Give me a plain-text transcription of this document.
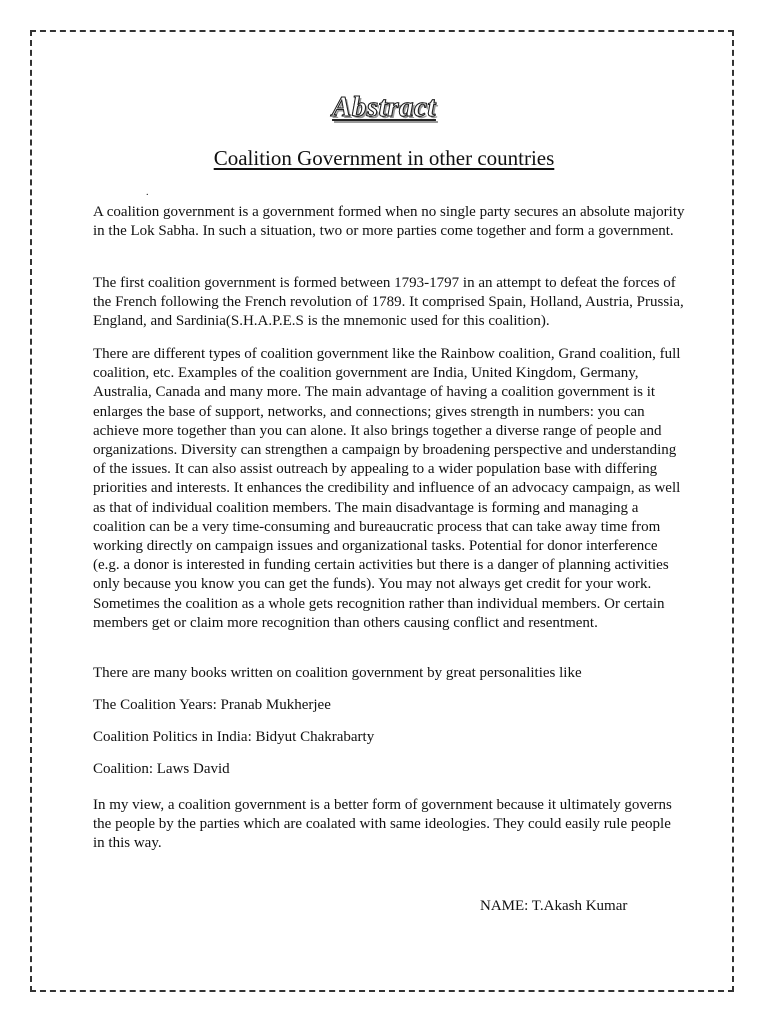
Abstract
Coalition Government in other countries
.

A coalition government is a government formed when no single party secures an absolute majority in the Lok Sabha. In such a situation, two or more parties come together and form a government.

The first coalition government is formed between 1793-1797 in an attempt to defeat the forces of the French following the French revolution of 1789. It comprised Spain, Holland, Austria, Prussia, England, and Sardinia(S.H.A.P.E.S is the mnemonic used for this coalition).

There are different types of coalition government like the Rainbow coalition, Grand coalition, full coalition, etc. Examples of the coalition government are India, United Kingdom, Germany, Australia, Canada and many more. The main advantage of having a coalition government is it enlarges the base of support, networks, and connections; gives strength in numbers: you can achieve more together than you can alone. It also brings together a diverse range of people and organizations. Diversity can strengthen a campaign by broadening perspective and understanding of the issues. It can also assist outreach by appealing to a wider population base with differing priorities and interests. It enhances the credibility and influence of an advocacy campaign, as well as that of individual coalition members. The main disadvantage is forming and managing a coalition can be a very time-consuming and bureaucratic process that can take away time from working directly on campaign issues and organizational tasks. Potential for donor interference (e.g. a donor is interested in funding certain activities but there is a danger of planning activities only because you know you can get the funds). You may not always get credit for your work. Sometimes the coalition as a whole gets recognition rather than individual members. Or certain members get or claim more recognition than others causing conflict and resentment.

There are many books written on coalition government by great personalities like

The Coalition Years: Pranab Mukherjee

Coalition Politics in India: Bidyut Chakrabarty

Coalition: Laws David

In my view, a coalition government is a better form of government because it ultimately governs the people by the parties which are coalated with same ideologies. They could easily rule people in this way.

NAME: T.Akash Kumar
